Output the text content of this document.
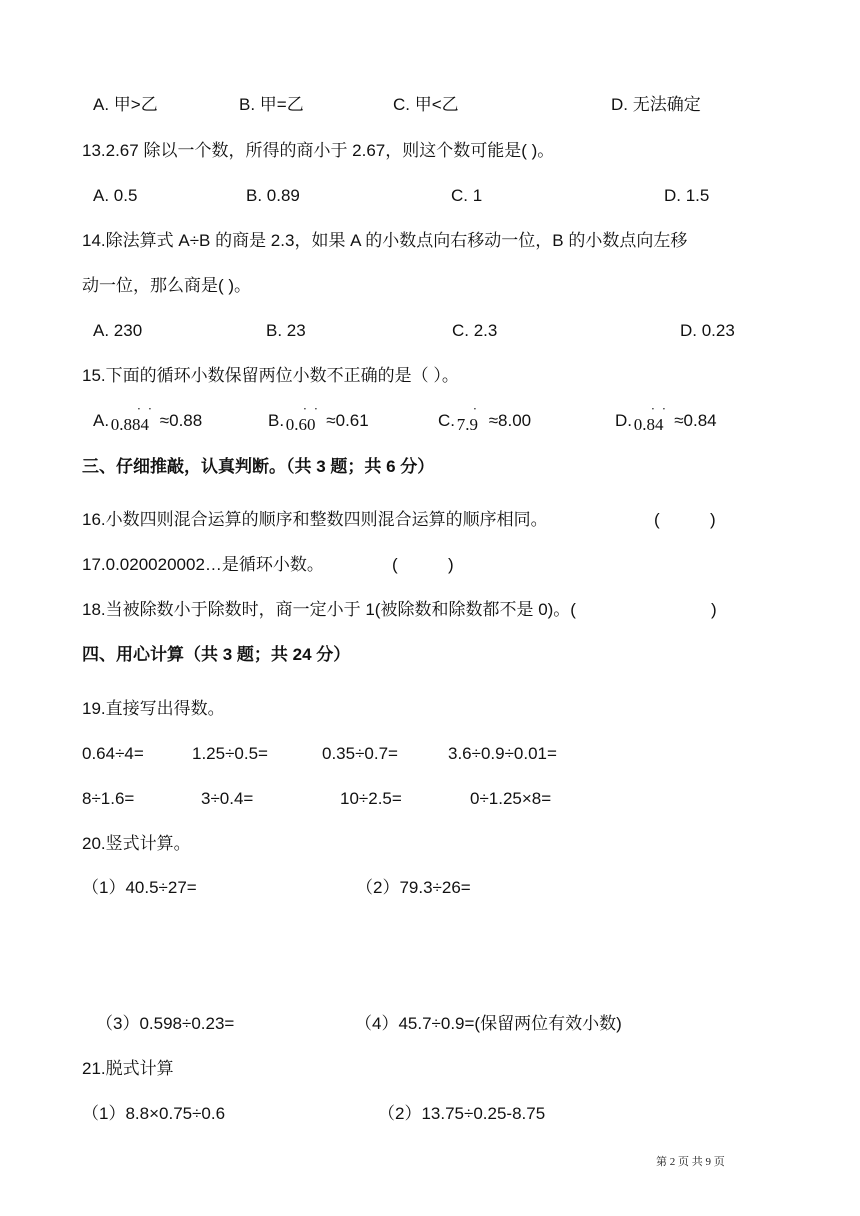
A. 甲>乙	B. 甲=乙	C. 甲<乙	D. 无法确定
13.2.67 除以一个数，所得的商小于 2.67，则这个数可能是( )。
A. 0.5	B. 0.89	C. 1	D. 1.5
14.除法算式 A÷B 的商是 2.3，如果 A 的小数点向右移动一位，B 的小数点向左移
动一位，那么商是( )。
A. 230	B. 23	C. 2.3	D. 0.23
15.下面的循环小数保留两位小数不正确的是（ ）。
A. 0.884
· ·
≈0.88	B. 0.60
· ·
≈0.61	C. 7.9
·
≈8.00	D. 0.84
· ·
≈0.84
三、仔细推敲，认真判断。（共 3 题；共 6 分）
16.小数四则混合运算的顺序和整数四则混合运算的顺序相同。	(	)
17.0.020020002…是循环小数。	(	)
18.当被除数小于除数时，商一定小于 1(被除数和除数都不是 0)。(	)
四、用心计算（共 3 题；共 24 分）
19.直接写出得数。
0.64÷4=	1.25÷0.5=	0.35÷0.7=	3.6÷0.9÷0.01=
8÷1.6=	3÷0.4=	10÷2.5=	0÷1.25×8=
20.竖式计算。
（1）40.5÷27=	（2）79.3÷26=
（3）0.598÷0.23=	（4）45.7÷0.9=(保留两位有效小数)
21.脱式计算
（1）8.8×0.75÷0.6	（2）13.75÷0.25-8.75
第 2 页 共 9 页
